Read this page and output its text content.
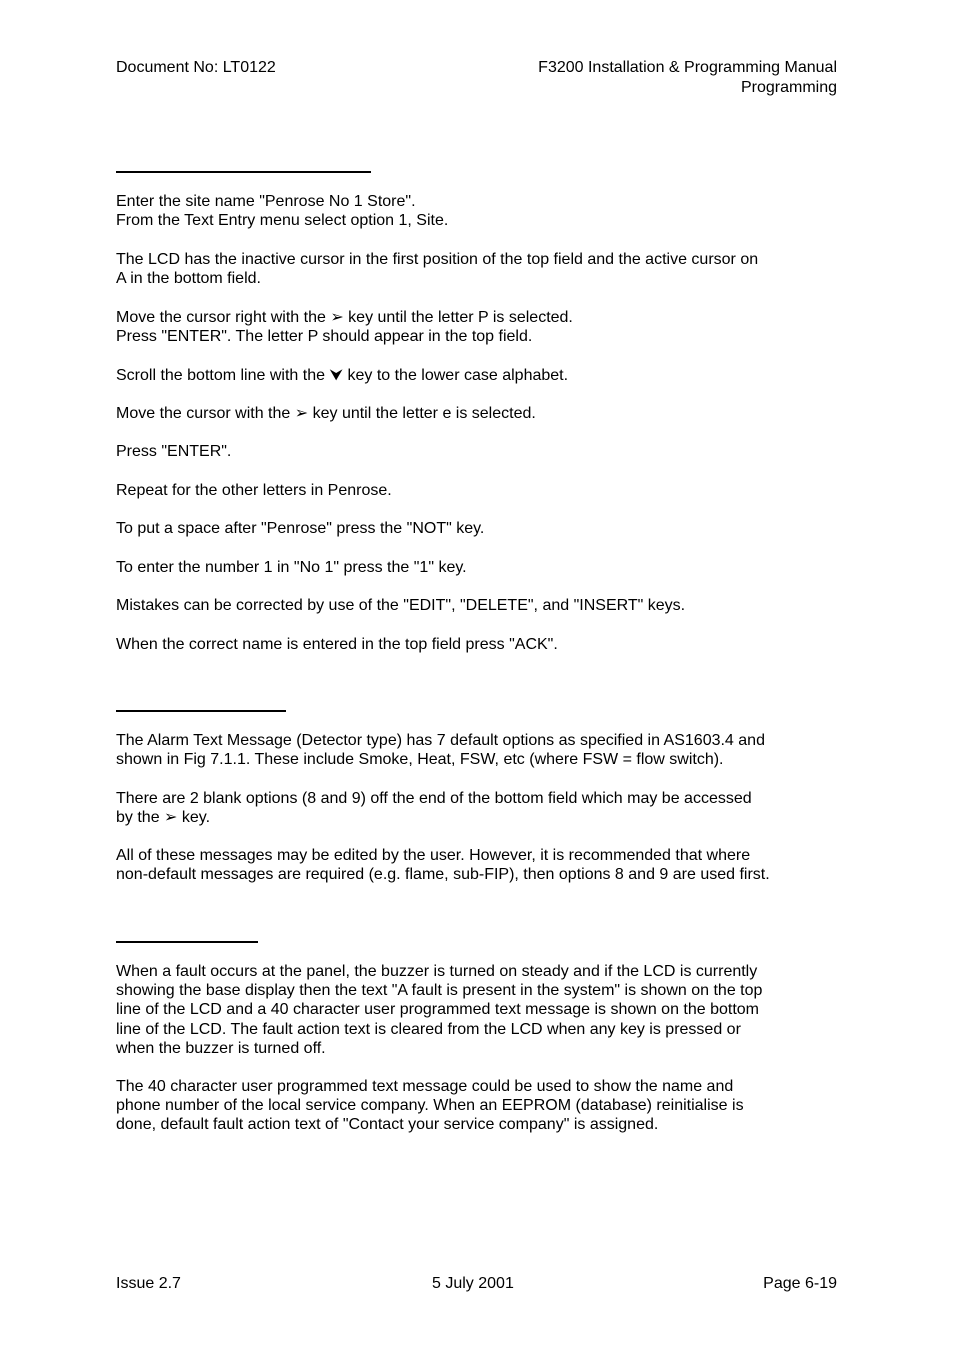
Document No: LT0122	F3200 Installation & Programming Manual
Programming
Enter the site name "Penrose No 1 Store".
From the Text Entry menu select option 1, Site.
The LCD has the inactive cursor in the first position of the top field and the active cursor on
A in the bottom field.
Move the cursor right with the ➢ key until the letter P is selected.
Press "ENTER". The letter P should appear in the top field.
Scroll the bottom line with the ⮟ key to the lower case alphabet.
Move the cursor with the ➢ key until the letter e is selected.
Press "ENTER".
Repeat for the other letters in Penrose.
To put a space after "Penrose" press the "NOT" key.
To enter the number 1 in "No 1" press the "1" key.
Mistakes can be corrected by use of the "EDIT", "DELETE", and "INSERT" keys.
When the correct name is entered in the top field press "ACK".
The Alarm Text Message (Detector type) has 7 default options as specified in AS1603.4 and
shown in Fig 7.1.1. These include Smoke, Heat, FSW, etc (where FSW = flow switch).
There are 2 blank options (8 and 9) off the end of the bottom field which may be accessed
by the ➢ key.
All of these messages may be edited by the user. However, it is recommended that where
non-default messages are required (e.g. flame, sub-FIP), then options 8 and 9 are used first.
When a fault occurs at the panel, the buzzer is turned on steady and if the LCD is currently
showing the base display then the text "A fault is present in the system" is shown on the top
line of the LCD and a 40 character user programmed text message is shown on the bottom
line of the LCD. The fault action text is cleared from the LCD when any key is pressed or
when the buzzer is turned off.
The 40 character user programmed text message could be used to show the name and
phone number of the local service company. When an EEPROM (database) reinitialise is
done, default fault action text of "Contact your service company" is assigned.
Issue 2.7	5 July 2001	Page 6-19
